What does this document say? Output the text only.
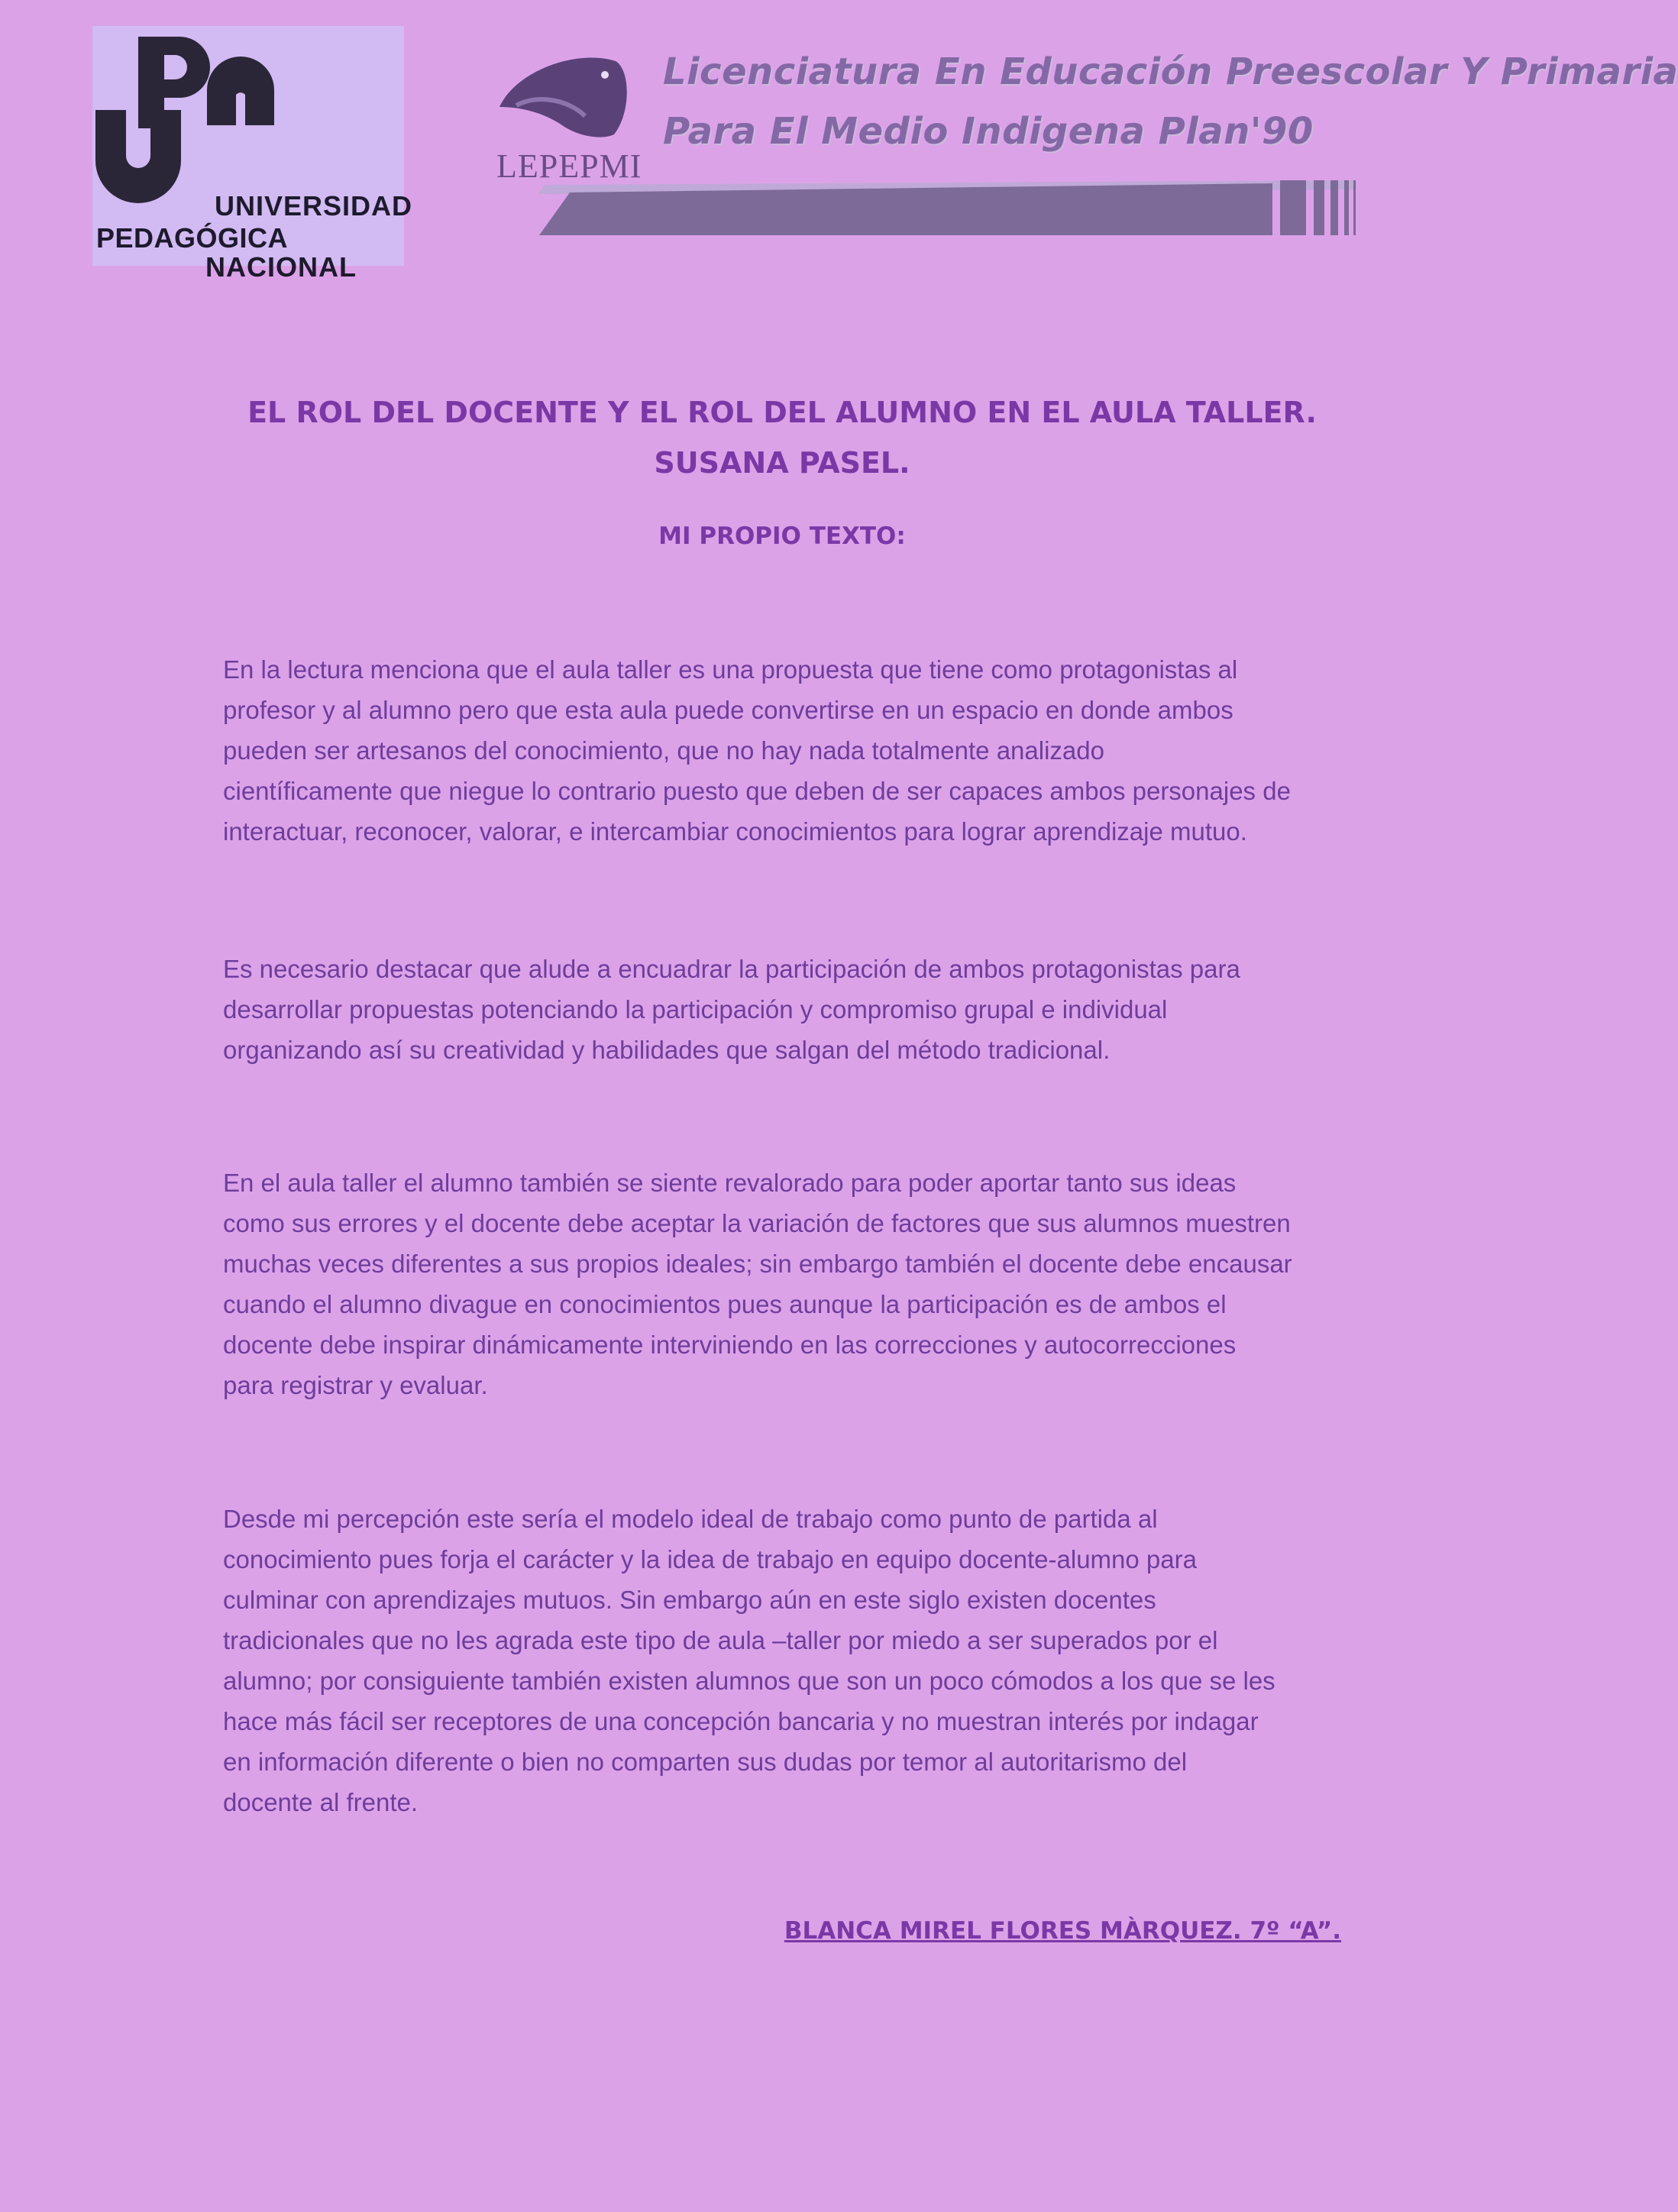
UNIVERSIDAD
PEDAGÓGICA
NACIONAL
LEPEPMI
Licenciatura En Educación Preescolar Y Primaria
Para El Medio Indigena Plan'90
EL ROL DEL DOCENTE Y EL ROL DEL ALUMNO EN EL AULA TALLER.
SUSANA PASEL.
MI PROPIO TEXTO:

En la lectura menciona que el aula taller es una propuesta que tiene como protagonistas al
profesor y al alumno pero que esta aula puede convertirse en un espacio en donde ambos
pueden ser artesanos del conocimiento, que no hay nada totalmente analizado
científicamente que niegue lo contrario puesto que deben de ser capaces ambos personajes de
interactuar, reconocer, valorar, e intercambiar conocimientos para lograr aprendizaje mutuo.

Es necesario destacar que alude a encuadrar la participación de ambos protagonistas para
desarrollar propuestas potenciando la participación y compromiso grupal e individual
organizando así su creatividad y habilidades que salgan del método tradicional.

En el aula taller el alumno también se siente revalorado para poder aportar tanto sus ideas
como sus errores y el docente debe aceptar la variación de factores que sus alumnos muestren
muchas veces diferentes a sus propios ideales; sin embargo también el docente debe encausar
cuando el alumno divague en conocimientos pues aunque la participación es de ambos el
docente debe inspirar dinámicamente interviniendo en las correcciones y autocorrecciones
para registrar y evaluar.

Desde mi percepción este sería el modelo ideal de trabajo como punto de partida al
conocimiento pues forja el carácter y la idea de trabajo en equipo docente-alumno para
culminar con aprendizajes mutuos. Sin embargo aún en este siglo existen docentes
tradicionales que no les agrada este tipo de aula –taller por miedo a ser superados por el
alumno; por consiguiente también existen alumnos que son un poco cómodos a los que se les
hace más fácil ser receptores de una concepción bancaria y no muestran interés por indagar
en información diferente o bien no comparten sus dudas por temor al autoritarismo del
docente al frente.

BLANCA MIREL FLORES MÀRQUEZ. 7º “A”.
